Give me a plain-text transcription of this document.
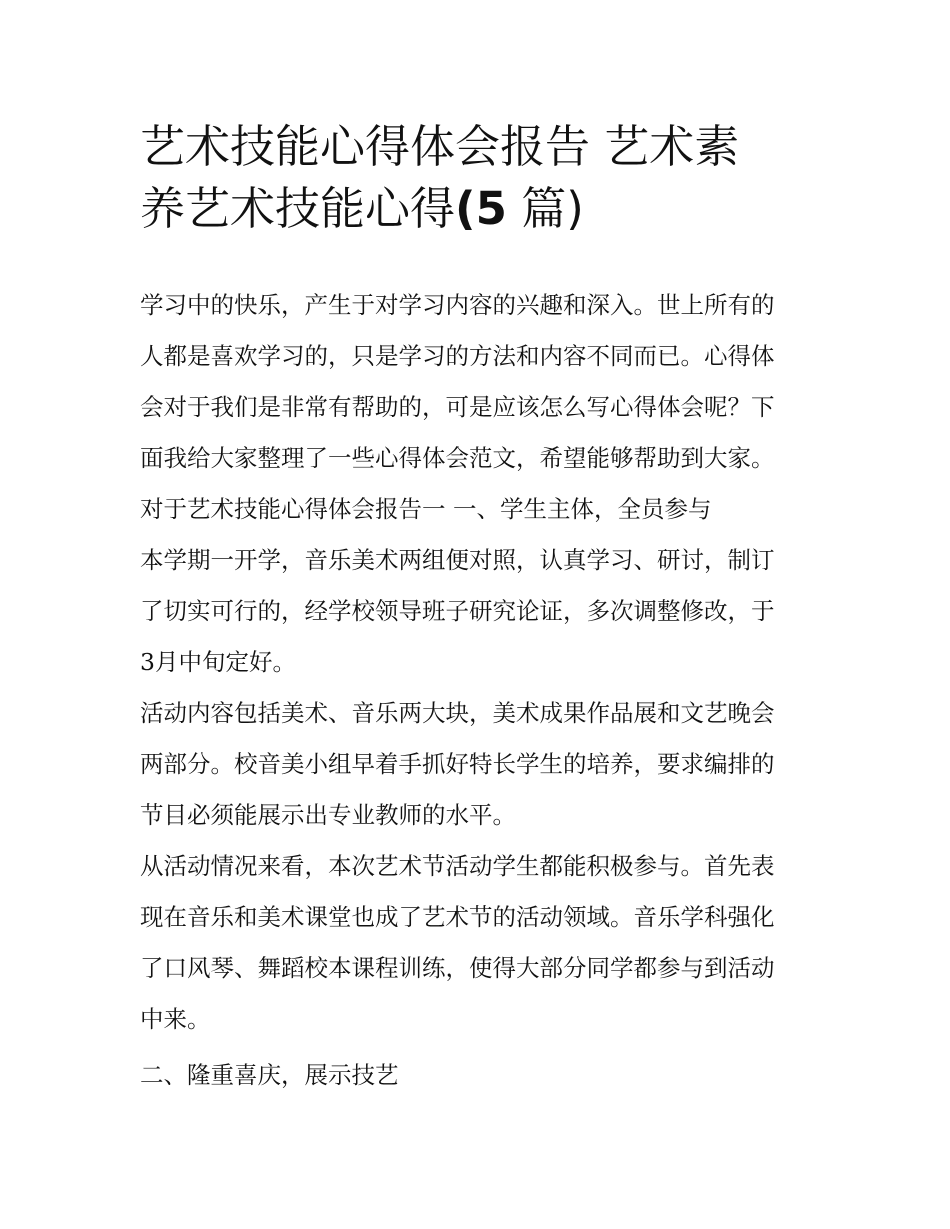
艺术技能心得体会报告 艺术素
养艺术技能心得(5 篇)
学习中的快乐，产生于对学习内容的兴趣和深入。世上所有的
人都是喜欢学习的，只是学习的方法和内容不同而已。心得体
会对于我们是非常有帮助的，可是应该怎么写心得体会呢？下
面我给大家整理了一些心得体会范文，希望能够帮助到大家。
对于艺术技能心得体会报告一 一、学生主体，全员参与
本学期一开学，音乐美术两组便对照，认真学习、研讨，制订
了切实可行的，经学校领导班子研究论证，多次调整修改，于
3月中旬定好。
活动内容包括美术、音乐两大块，美术成果作品展和文艺晚会
两部分。校音美小组早着手抓好特长学生的培养，要求编排的
节目必须能展示出专业教师的水平。
从活动情况来看，本次艺术节活动学生都能积极参与。首先表
现在音乐和美术课堂也成了艺术节的活动领域。音乐学科强化
了口风琴、舞蹈校本课程训练，使得大部分同学都参与到活动
中来。
二、隆重喜庆，展示技艺
